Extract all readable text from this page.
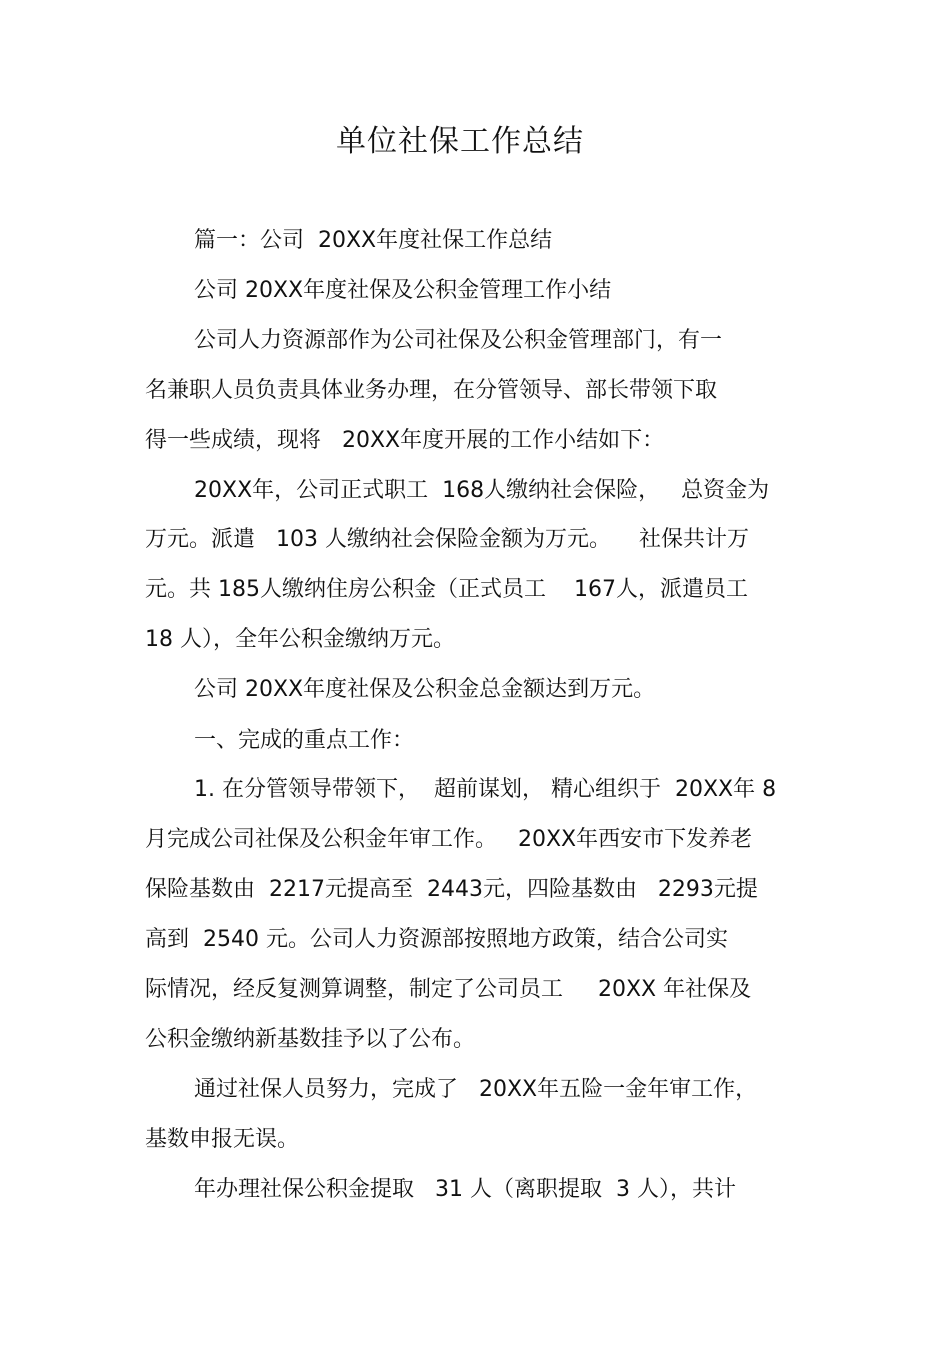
单位社保工作总结
篇一：公司  20XX年度社保工作总结
公司 20XX年度社保及公积金管理工作小结
公司人力资源部作为公司社保及公积金管理部门，有一
名兼职人员负责具体业务办理，在分管领导、部长带领下取
得一些成绩，现将   20XX年度开展的工作小结如下：
20XX年，公司正式职工  168人缴纳社会保险，   总资金为
万元。派遣   103 人缴纳社会保险金额为万元。    社保共计万
元。共 185人缴纳住房公积金（正式员工    167人，派遣员工
18 人），全年公积金缴纳万元。
公司 20XX年度社保及公积金总金额达到万元。
一、完成的重点工作：
1. 在分管领导带领下，  超前谋划， 精心组织于  20XX年 8
月完成公司社保及公积金年审工作。   20XX年西安市下发养老
保险基数由  2217元提高至  2443元，四险基数由   2293元提
高到  2540 元。公司人力资源部按照地方政策，结合公司实
际情况，经反复测算调整，制定了公司员工     20XX 年社保及
公积金缴纳新基数挂予以了公布。
通过社保人员努力，完成了   20XX年五险一金年审工作，
基数申报无误。
年办理社保公积金提取   31 人（离职提取  3 人），共计
